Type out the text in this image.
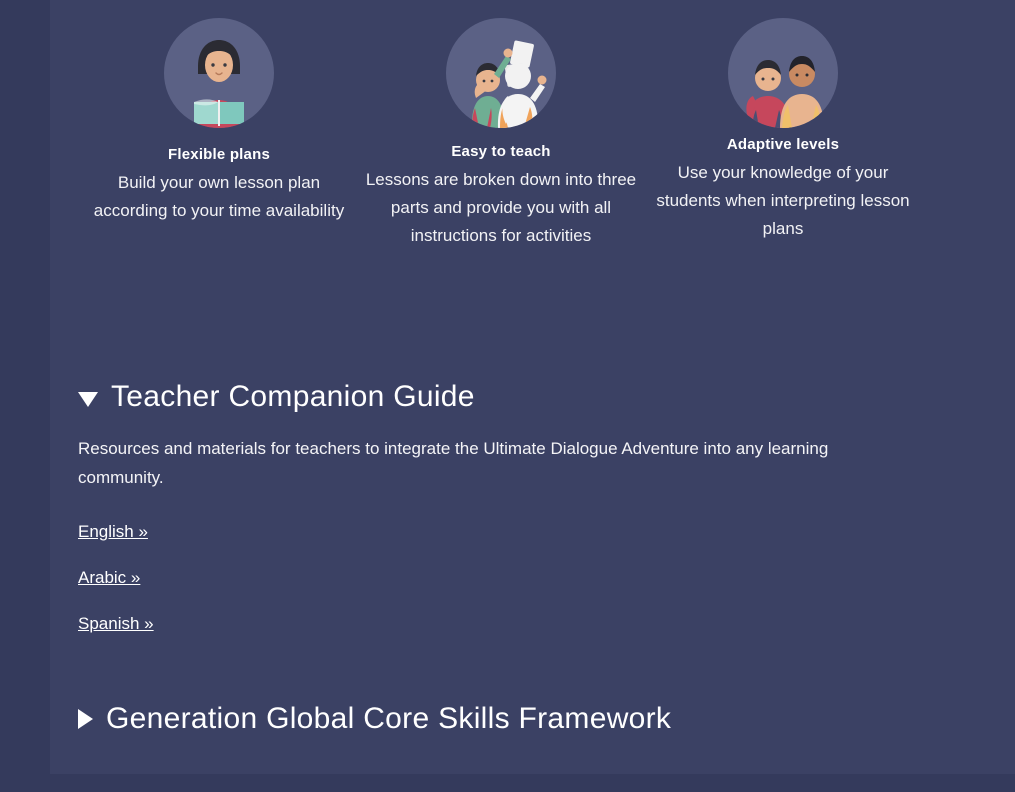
Flexible plans
Build your own lesson plan according to your time availability
Easy to teach
Lessons are broken down into three parts and provide you with all instructions for activities
Adaptive levels
Use your knowledge of your students when interpreting lesson plans
Teacher Companion Guide
Resources and materials for teachers to integrate the Ultimate Dialogue Adventure into any learning community.
English »
Arabic »
Spanish »
Generation Global Core Skills Framework
